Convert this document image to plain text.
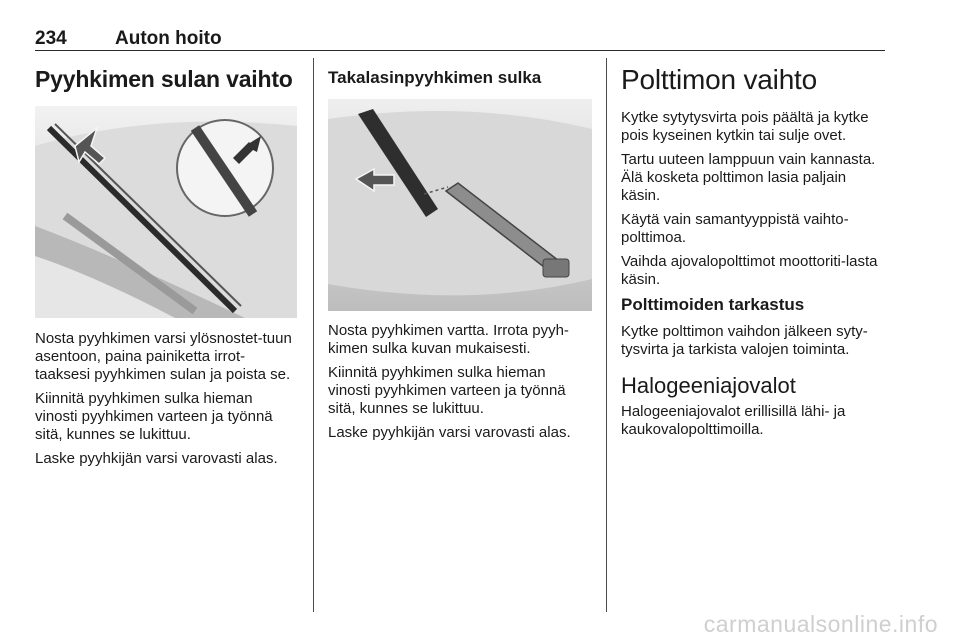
234	Auton hoito
Pyyhkimen sulan vaihto

Nosta pyyhkimen varsi ylösnostet-tuun asentoon, paina painiketta irrot-taaksesi pyyhkimen sulan ja poista se.

Kiinnitä pyyhkimen sulka hieman vinosti pyyhkimen varteen ja työnnä sitä, kunnes se lukittuu.

Laske pyyhkijän varsi varovasti alas.

Takalasinpyyhkimen sulka

Nosta pyyhkimen vartta. Irrota pyyh-kimen sulka kuvan mukaisesti.

Kiinnitä pyyhkimen sulka hieman vinosti pyyhkimen varteen ja työnnä sitä, kunnes se lukittuu.

Laske pyyhkijän varsi varovasti alas.

Polttimon vaihto

Kytke sytytysvirta pois päältä ja kytke pois kyseinen kytkin tai sulje ovet.

Tartu uuteen lamppuun vain kannasta. Älä kosketa polttimon lasia paljain käsin.

Käytä vain samantyyppistä vaihto-polttimoa.

Vaihda ajovalopolttimot moottoriti-lasta käsin.

Polttimoiden tarkastus

Kytke polttimon vaihdon jälkeen syty-tysvirta ja tarkista valojen toiminta.

Halogeeniajovalot

Halogeeniajovalot erillisillä lähi- ja kaukovalopolttimoilla.

carmanualsonline.info
